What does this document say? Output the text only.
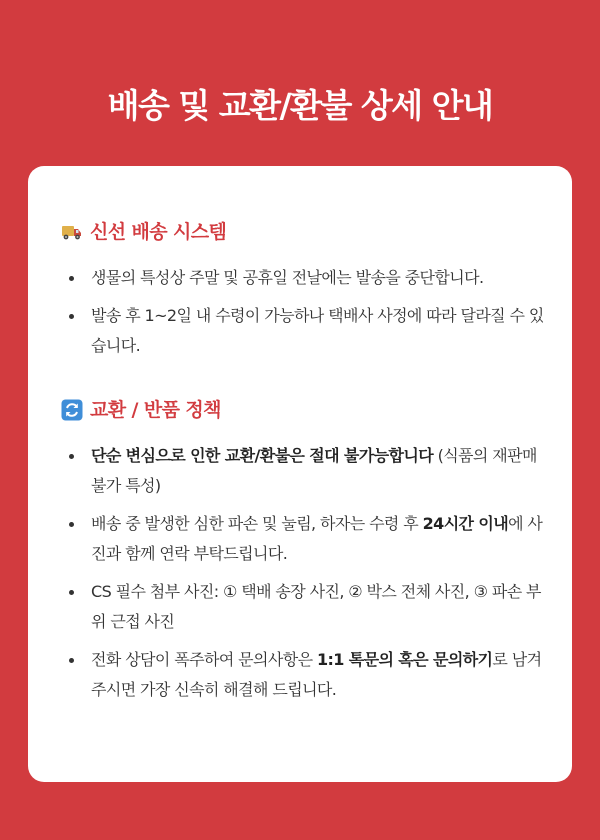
배송 및 교환/환불 상세 안내
신선 배송 시스템
생물의 특성상 주말 및 공휴일 전날에는 발송을 중단합니다.
발송 후 1~2일 내 수령이 가능하나 택배사 사정에 따라 달라질 수 있습니다.
교환 / 반품 정책
단순 변심으로 인한 교환/환불은 절대 불가능합니다 (식품의 재판매 불가 특성)
배송 중 발생한 심한 파손 및 눌림, 하자는 수령 후 24시간 이내에 사진과 함께 연락 부탁드립니다.
CS 필수 첨부 사진: ① 택배 송장 사진, ② 박스 전체 사진, ③ 파손 부위 근접 사진
전화 상담이 폭주하여 문의사항은 1:1 톡문의 혹은 문의하기로 남겨주시면 가장 신속히 해결해 드립니다.
